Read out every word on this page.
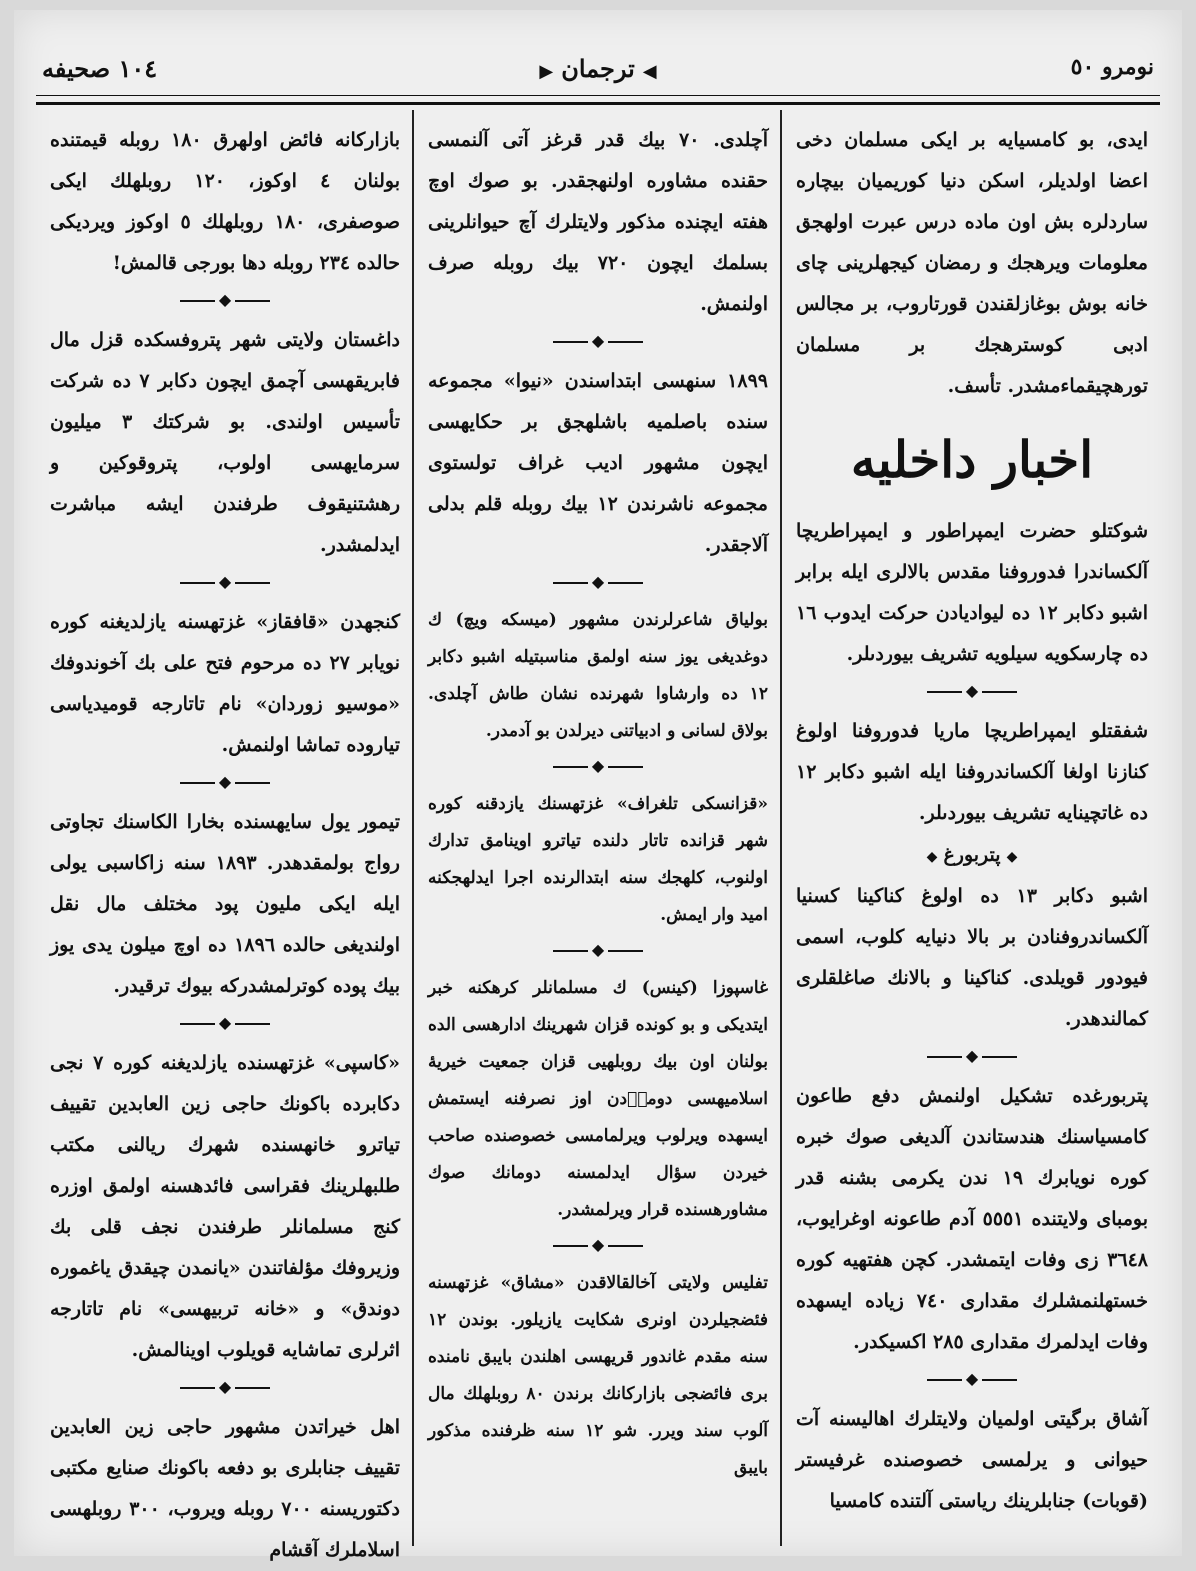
١٠٤ صحيفه	◀ترجمان▶	نومرو ٥٠

ايدى، بو كامسيايه بر ايكى مسلمان دخى اعضا اولديلر، اسكن دنيا كوريميان بيچاره ساردلره بش اون ماده درس عبرت اولهجق معلومات ويرهجك و رمضان كيجهلرينى چاى خانه بوش بوغازلقندن قورتاروب، بر مجالس ادبى كوسترهجك بر مسلمان تورهچيقماءمشدر. تأسف.

اخبار داخليه

شوكتلو حضرت ايمپراطور و ايمپراطريچا آلكساندرا فدوروفنا مقدس بالالرى ايله برابر اشبو دكابر ١٢ ده ليواديادن حركت ايدوب ١٦ ده چارسكويه سيلويه تشريف بيوردىلر.

◆

شفقتلو ايمپراطريچا ماريا فدوروفنا اولوغ كنازنا اولغا آلكساندروفنا ايله اشبو دكابر ١٢ ده غاتچينايه تشريف بيوردىلر.

◆پتربورغ◆

اشبو دكابر ١٣ ده اولوغ كناكينا كسنيا آلكساندروفنادن بر بالا دنيايه كلوب، اسمى فيودور قويلدى. كناكينا و بالانك صاغلقلرى كمالندهدر.

◆

پتربورغده تشكيل اولنمش دفع طاعون كامسياسنك هندستاندن آلديغى صوك خبره كوره نويابرك ١٩ ندن يكرمى بشنه قدر بومباى ولايتنده ٥٥٥١ آدم طاعونه اوغرايوب، ٣٦٤٨ زى وفات ايتمشدر. كچن هفتهيه كوره خستهلنمشلرك مقدارى ٧٤٠ زياده ايسهده وفات ايدلمرك مقدارى ٢٨٥ اكسيكدر.

◆

آشاق برگيتى اولميان ولايتلرك اهاليسنه آت حيوانى و يرلمسى خصوصنده غرفيستر (قوبات) جنابلرينك رياستى آلتنده كامسيا

آچلدى. ٧٠ بيك قدر قرغز آتى آلنمسى حقنده مشاوره اولنهجقدر. بو صوك اوچ هفته ايچنده مذكور ولايتلرك آچ حيوانلرينى بسلمك ايچون ٧٢٠ بيك روبله صرف اولنمش.

◆

١٨٩٩ سنهسى ابتداسندن «نيوا» مجموعه سنده باصلميه باشلهجق بر حكايهسى ايچون مشهور اديب غراف تولستوى مجموعه ناشرندن ١٢ بيك روبله قلم بدلى آلاجقدر.

◆

بولياق شاعرلرندن مشهور (ميسكه ويچ) ك دوغديغى يوز سنه اولمق مناسبتيله اشبو دكابر ١٢ ده وارشاوا شهرنده نشان طاش آچلدى. بولاق لسانى و ادبياتنى ديرلدن بو آدمدر.

◆

«قزانسكى تلغراف» غزتهسنك يازدقنه كوره شهر قزانده تاتار دلنده تياترو اوينامق تدارك اولنوب، كلهجك سنه ابتدالرنده اجرا ايدلهجكنه اميد وار ايمش.

◆

غاسپوزا (كينس) ك مسلمانلر كرهكنه خبر ايتديكى و بو كونده قزان شهرينك ادارهسى الده بولنان اون بيك روبلهيى قزان جمعيت خيريهٔ اسلاميهسى دوماٖدن اوز نصرفنه ايستمش ايسهده ويرلوب ويرلمامسى خصوصنده صاحب خيردن سؤال ايدلمسنه دومانك صوك مشاورهسنده قرار ويرلمشدر.

◆

تفليس ولايتى آخالقالاقدن «مشاق» غزتهسنه فئضجيلردن اونرى شكايت يازيلور. بوندن ١٢ سنه مقدم غاندور قريهسى اهلندن بايبق نامنده برى فائضجى بازاركانك برندن ٨٠ روبلهلك مال آلوب سند ويرر. شو ١٢ سنه ظرفنده مذكور بايبق

بازاركانه فائض اولهرق ١٨٠ روبله قيمتنده بولنان ٤ اوكوز، ١٢٠ روبلهلك ايكى صوصفرى، ١٨٠ روبلهلك ٥ اوكوز ويرديكى حالده ٢٣٤ روبله دها بورجى قالمش!

◆

داغستان ولايتى شهر پتروفسكده قزل مال فابريقهسى آچمق ايچون دكابر ٧ ده شركت تأسيس اولندى. بو شركتك ٣ ميليون سرمايهسى اولوب، پتروقوكين و رهشتنيقوف طرفندن ايشه مباشرت ايدلمشدر.

◆

كنجهدن «قافقاز» غزتهسنه يازلديغنه كوره نويابر ٢٧ ده مرحوم فتح على بك آخوندوفك «موسيو زوردان» نام تاتارجه قوميدياسى تياروده تماشا اولنمش.

◆

تيمور يول سايهسنده بخارا الكاسنك تجاوتى رواج بولمقدهدر. ١٨٩٣ سنه زاكاسبى يولى ايله ايكى مليون پود مختلف مال نقل اولنديغى حالده ١٨٩٦ ده اوچ ميلون يدى يوز بيك پوده كوترلمشدركه بيوك ترقيدر.

◆

«كاسپى» غزتهسنده يازلديغنه كوره ٧ نجى دكابرده باكونك حاجى زين العابدين تقييف تياترو خانهسنده شهرك ريالنى مكتب طلبهلرينك فقراسى فائدهسنه اولمق اوزره كنج مسلمانلر طرفندن نجف قلى بك وزيروفك مؤلفاتندن «يانمدن چيقدق ياغموره دوندق» و «خانه تربيهسى» نام تاتارجه اثرلرى تماشايه قويلوب اوينالمش.

◆

اهل خيراتدن مشهور حاجى زين العابدين تقييف جنابلرى بو دفعه باكونك صنايع مكتبى دكتوريسنه ٧٠٠ روبله ويروب، ٣٠٠ روبلهسى اسلاملرك آقشام
